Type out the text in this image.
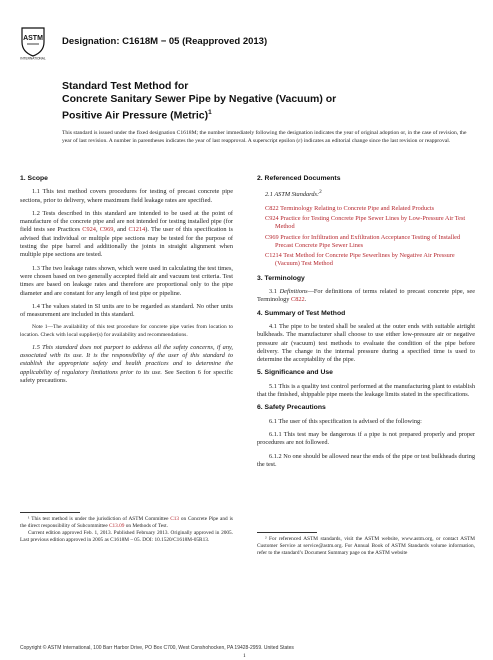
ASTM
INTERNATIONAL
Designation: C1618M − 05 (Reapproved 2013)
Standard Test Method for
Concrete Sanitary Sewer Pipe by Negative (Vacuum) or
Positive Air Pressure (Metric)$^1$
This standard is issued under the fixed designation C1618M; the number immediately following the designation indicates the year of original adoption or, in the case of revision, the year of last revision. A number in parentheses indicates the year of last reapproval. A superscript epsilon (ε) indicates an editorial change since the last revision or reapproval.
1. Scope

1.1 This test method covers procedures for testing of precast concrete pipe sections, prior to delivery, where maximum field leakage rates are specified.

1.2 Tests described in this standard are intended to be used at the point of manufacture of the concrete pipe and are not intended for testing installed pipe (for field tests see Practices C924, C969, and C1214). The user of this specification is advised that individual or multiple pipe sections may be tested for the purpose of testing the pipe barrel and additionally the joints in straight alignment when multiple pipe sections are tested.

1.3 The two leakage rates shown, which were used in calculating the test times, were chosen based on two generally accepted field air and vacuum test criteria. Test times are based on leakage rates and therefore are proportional only to the pipe diameter and are constant for any length of test pipe or pipeline.

1.4 The values stated in SI units are to be regarded as standard. No other units of measurement are included in this standard.

Note 1—The availability of this test procedure for concrete pipe varies from location to location. Check with local supplier(s) for availability and recommendations.

1.5 This standard does not purport to address all the safety concerns, if any, associated with its use. It is the responsibility of the user of this standard to establish the appropriate safety and health practices and to determine the applicability of regulatory limitations prior to its use. See Section 6 for specific safety precautions.

¹ This test method is under the jurisdiction of ASTM Committee C13 on Concrete Pipe and is the direct responsibility of Subcommittee C13.09 on Methods of Test.
Current edition approved Feb. 1, 2013. Published February 2013. Originally approved in 2005. Last previous edition approved in 2005 as C1618M – 05. DOI: 10.1520/C1618M-05R13.
2. Referenced Documents

2.1 ASTM Standards:$^2$

C822 Terminology Relating to Concrete Pipe and Related Products
C924 Practice for Testing Concrete Pipe Sewer Lines by Low-Pressure Air Test Method
C969 Practice for Infiltration and Exfiltration Acceptance Testing of Installed Precast Concrete Pipe Sewer Lines
C1214 Test Method for Concrete Pipe Sewerlines by Negative Air Pressure (Vacuum) Test Method
3. Terminology

3.1 Definitions—For definitions of terms related to precast concrete pipe, see Terminology C822.

4. Summary of Test Method

4.1 The pipe to be tested shall be sealed at the outer ends with suitable airtight bulkheads. The manufacturer shall choose to use either low-pressure air or negative pressure air (vacuum) test methods to evaluate the condition of the pipe before delivery. The change in the internal pressure during a specified time is used to determine the acceptability of the pipe.

5. Significance and Use

5.1 This is a quality test control performed at the manufacturing plant to establish that the finished, shippable pipe meets the leakage limits stated in the specifications.

6. Safety Precautions

6.1 The user of this specification is advised of the following:

6.1.1 This test may be dangerous if a pipe is not prepared properly and proper procedures are not followed.

6.1.2 No one should be allowed near the ends of the pipe or test bulkheads during the test.

² For referenced ASTM standards, visit the ASTM website, www.astm.org, or contact ASTM Customer Service at service@astm.org. For Annual Book of ASTM Standards volume information, refer to the standard’s Document Summary page on the ASTM website
Copyright © ASTM International, 100 Barr Harbor Drive, PO Box C700, West Conshohocken, PA 19428-2959. United States
1
